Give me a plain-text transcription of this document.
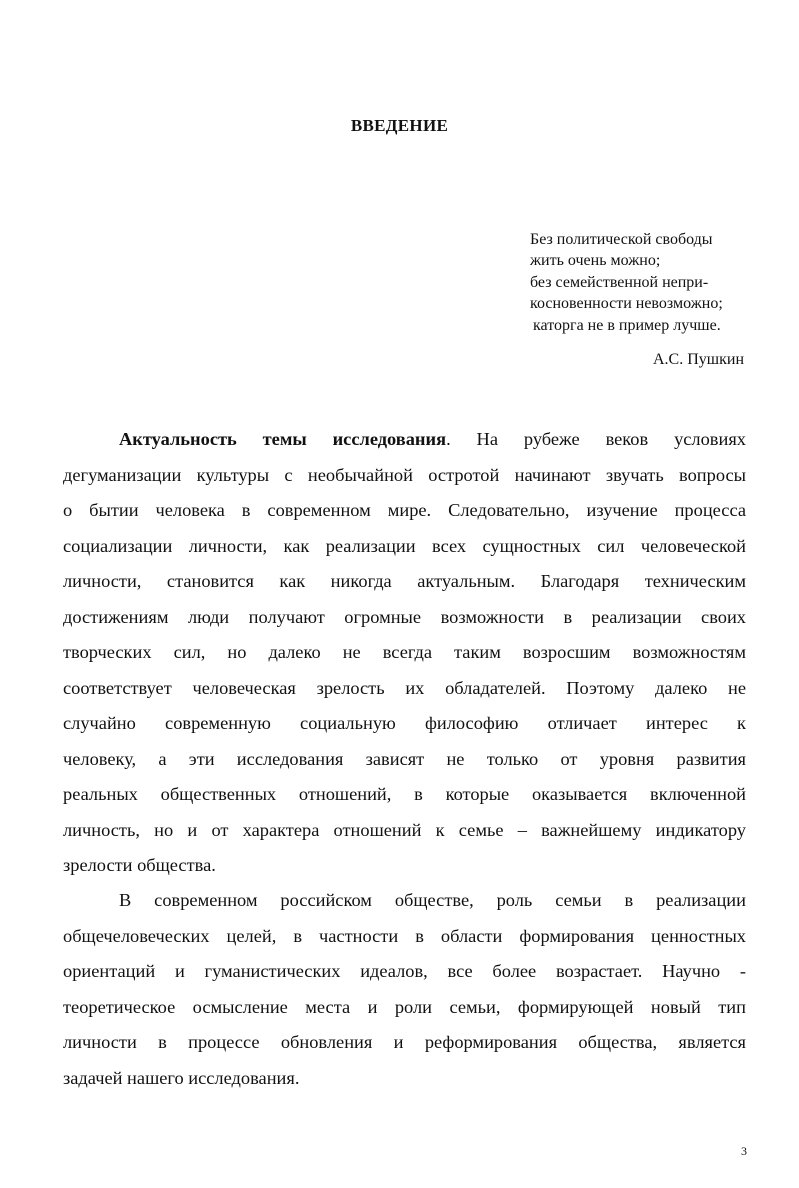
ВВЕДЕНИЕ
Без политической свободы
жить очень можно;
без семейственной непри-
косновенности невозможно;
каторга не в пример лучше.
А.С. Пушкин
Актуальность темы исследования. На рубеже веков условиях
дегуманизации культуры с необычайной остротой начинают звучать вопросы
о бытии человека в современном мире. Следовательно, изучение процесса
социализации личности, как реализации всех сущностных сил человеческой
личности, становится как никогда актуальным. Благодаря техническим
достижениям люди получают огромные возможности в реализации своих
творческих сил, но далеко не всегда таким возросшим возможностям
соответствует человеческая зрелость их обладателей. Поэтому далеко не
случайно современную социальную философию отличает интерес к
человеку, а эти исследования зависят не только от уровня развития
реальных общественных отношений, в которые оказывается включенной
личность, но и от характера отношений к семье – важнейшему индикатору
зрелости общества.
В современном российском обществе, роль семьи в реализации
общечеловеческих целей, в частности в области формирования ценностных
ориентаций и гуманистических идеалов, все более возрастает. Научно -
теоретическое осмысление места и роли семьи, формирующей новый тип
личности в процессе обновления и реформирования общества, является
задачей нашего исследования.
3
